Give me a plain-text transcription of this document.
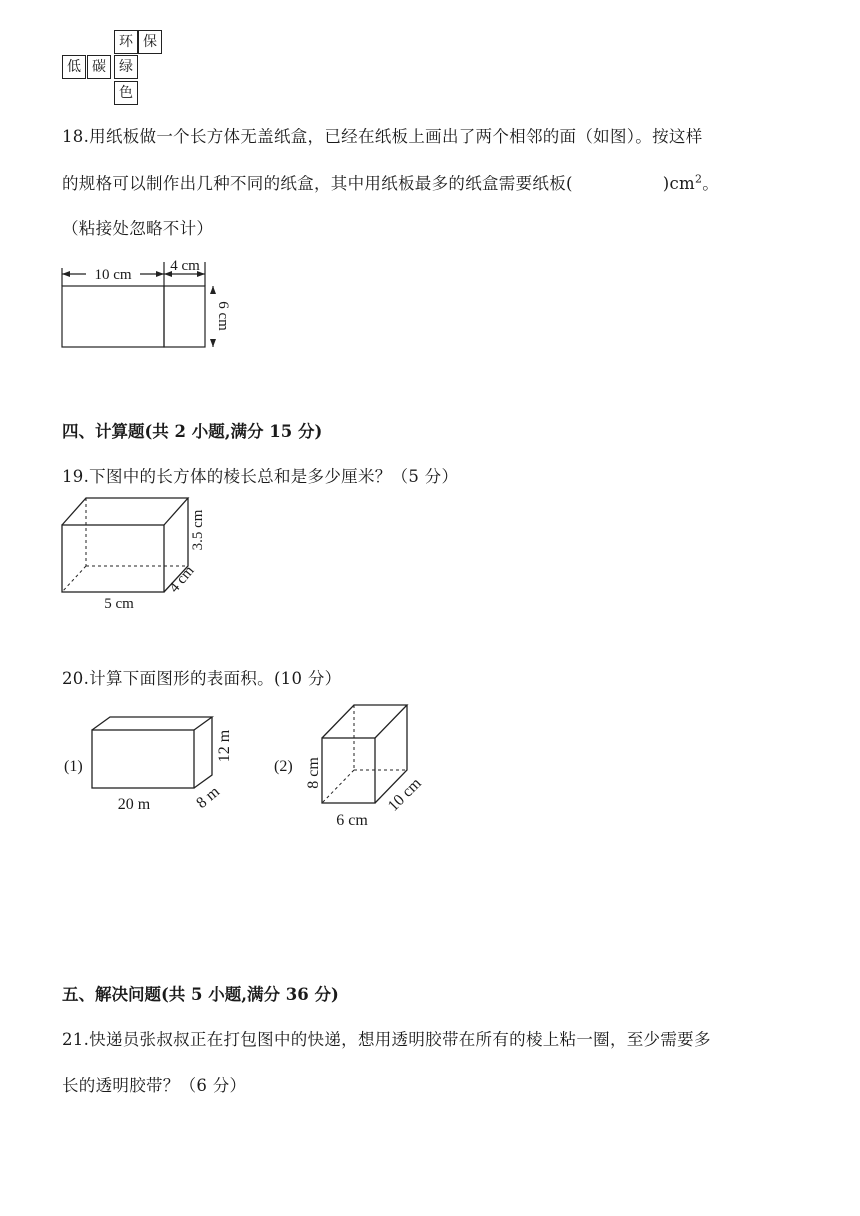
环 保
低 碳 绿
色
18.用纸板做一个长方体无盖纸盒，已经在纸板上画出了两个相邻的面（如图）。按这样
的规格可以制作出几种不同的纸盒，其中用纸板最多的纸盒需要纸板(	)$cm^2$。
（粘接处忽略不计）
10 cm
4 cm
6 cm
四、计算题(共 2 小题,满分 15 分)
19.下图中的长方体的棱长总和是多少厘米？（5 分）
5 cm
4 cm
3.5 cm
20.计算下面图形的表面积。(10 分）
(1)
20 m	8 m
12 m
(2)
6 cm
10 cm
8 cm
五、解决问题(共 5 小题,满分 36 分)
21.快递员张叔叔正在打包图中的快递，想用透明胶带在所有的棱上粘一圈，至少需要多
长的透明胶带？（6 分）
